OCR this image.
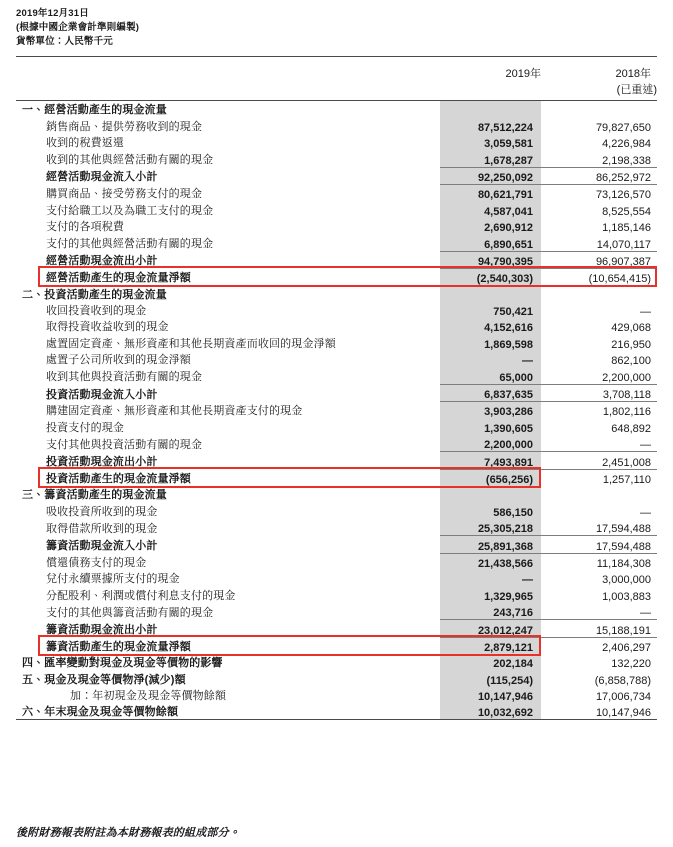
2019年12月31日
(根據中國企業會計準則編製)
貨幣單位：人民幣千元

	2019年	2018年
		(已重述)

一、經營活動產生的現金流量		
銷售商品、提供勞務收到的現金	87,512,224	79,827,650
收到的稅費返還	3,059,581	4,226,984
收到的其他與經營活動有關的現金	1,678,287	2,198,338
經營活動現金流入小計	92,250,092	86,252,972
購買商品、接受勞務支付的現金	80,621,791	73,126,570
支付給職工以及為職工支付的現金	4,587,041	8,525,554
支付的各項稅費	2,690,912	1,185,146
支付的其他與經營活動有關的現金	6,890,651	14,070,117
經營活動現金流出小計	94,790,395	96,907,387
經營活動產生的現金流量淨額	(2,540,303)	(10,654,415)
二、投資活動產生的現金流量		
收回投資收到的現金	750,421	—
取得投資收益收到的現金	4,152,616	429,068
處置固定資產、無形資產和其他長期資產而收回的現金淨額	1,869,598	216,950
處置子公司所收到的現金淨額	—	862,100
收到其他與投資活動有關的現金	65,000	2,200,000
投資活動現金流入小計	6,837,635	3,708,118
購建固定資產、無形資產和其他長期資產支付的現金	3,903,286	1,802,116
投資支付的現金	1,390,605	648,892
支付其他與投資活動有關的現金	2,200,000	—
投資活動現金流出小計	7,493,891	2,451,008
投資活動產生的現金流量淨額	(656,256)	1,257,110
三、籌資活動產生的現金流量		
吸收投資所收到的現金	586,150	—
取得借款所收到的現金	25,305,218	17,594,488
籌資活動現金流入小計	25,891,368	17,594,488
償還債務支付的現金	21,438,566	11,184,308
兌付永續票據所支付的現金	—	3,000,000
分配股利、利潤或償付利息支付的現金	1,329,965	1,003,883
支付的其他與籌資活動有關的現金	243,716	—
籌資活動現金流出小計	23,012,247	15,188,191
籌資活動產生的現金流量淨額	2,879,121	2,406,297
四、匯率變動對現金及現金等價物的影響	202,184	132,220
五、現金及現金等價物淨(減少)額	(115,254)	(6,858,788)
加：年初現金及現金等價物餘額	10,147,946	17,006,734
六、年末現金及現金等價物餘額	10,032,692	10,147,946

後附財務報表附註為本財務報表的組成部分。
